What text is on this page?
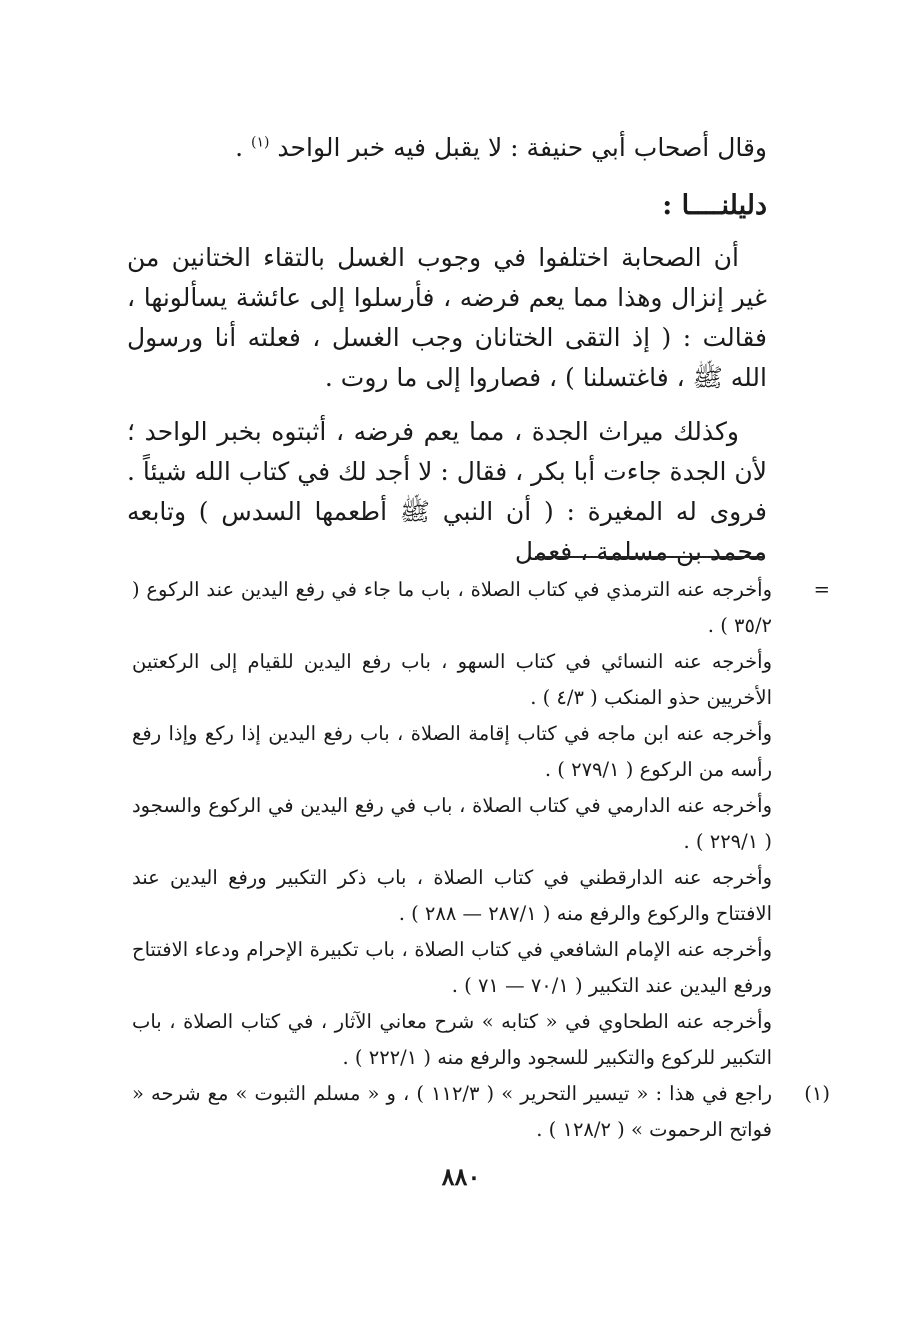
وقال أصحاب أبي حنيفة : لا يقبل فيه خبر الواحد $^{(١)}$ .
دليلنــــا :
أن الصحابة اختلفوا في وجوب الغسل بالتقاء الختانين من غير إنزال وهذا مما يعم فرضه ، فأرسلوا إلى عائشة يسألونها ، فقالت : ( إذ التقى الختانان وجب الغسل ، فعلته أنا ورسول الله ﷺ ، فاغتسلنا ) ، فصاروا إلى ما روت .
وكذلك ميراث الجدة ، مما يعم فرضه ، أثبتوه بخبر الواحد ؛ لأن الجدة جاءت أبا بكر ، فقال : لا أجد لك في كتاب الله شيئاً . فروى له المغيرة : ( أن النبي ﷺ أطعمها السدس ) وتابعه محمد بن مسلمة ، فعمل
=
وأخرجه عنه الترمذي في كتاب الصلاة ، باب ما جاء في رفع اليدين عند الركوع ( ٣٥/٢ ) .
وأخرجه عنه النسائي في كتاب السهو ، باب رفع اليدين للقيام إلى الركعتين الأخريين حذو المنكب ( ٤/٣ ) .
وأخرجه عنه ابن ماجه في كتاب إقامة الصلاة ، باب رفع اليدين إذا ركع وإذا رفع رأسه من الركوع ( ٢٧٩/١ ) .
وأخرجه عنه الدارمي في كتاب الصلاة ، باب في رفع اليدين في الركوع والسجود ( ٢٢٩/١ ) .
وأخرجه عنه الدارقطني في كتاب الصلاة ، باب ذكر التكبير ورفع اليدين عند الافتتاح والركوع والرفع منه ( ٢٨٧/١ — ٢٨٨ ) .
وأخرجه عنه الإمام الشافعي في كتاب الصلاة ، باب تكبيرة الإحرام ودعاء الافتتاح ورفع اليدين عند التكبير ( ٧٠/١ — ٧١ ) .
وأخرجه عنه الطحاوي في « كتابه » شرح معاني الآثار ، في كتاب الصلاة ، باب التكبير للركوع والتكبير للسجود والرفع منه ( ٢٢٢/١ ) .
(١)
راجع في هذا : « تيسير التحرير » ( ١١٢/٣ ) ، و « مسلم الثبوت » مع شرحه « فواتح الرحموت » ( ١٢٨/٢ ) .
٨٨٠
